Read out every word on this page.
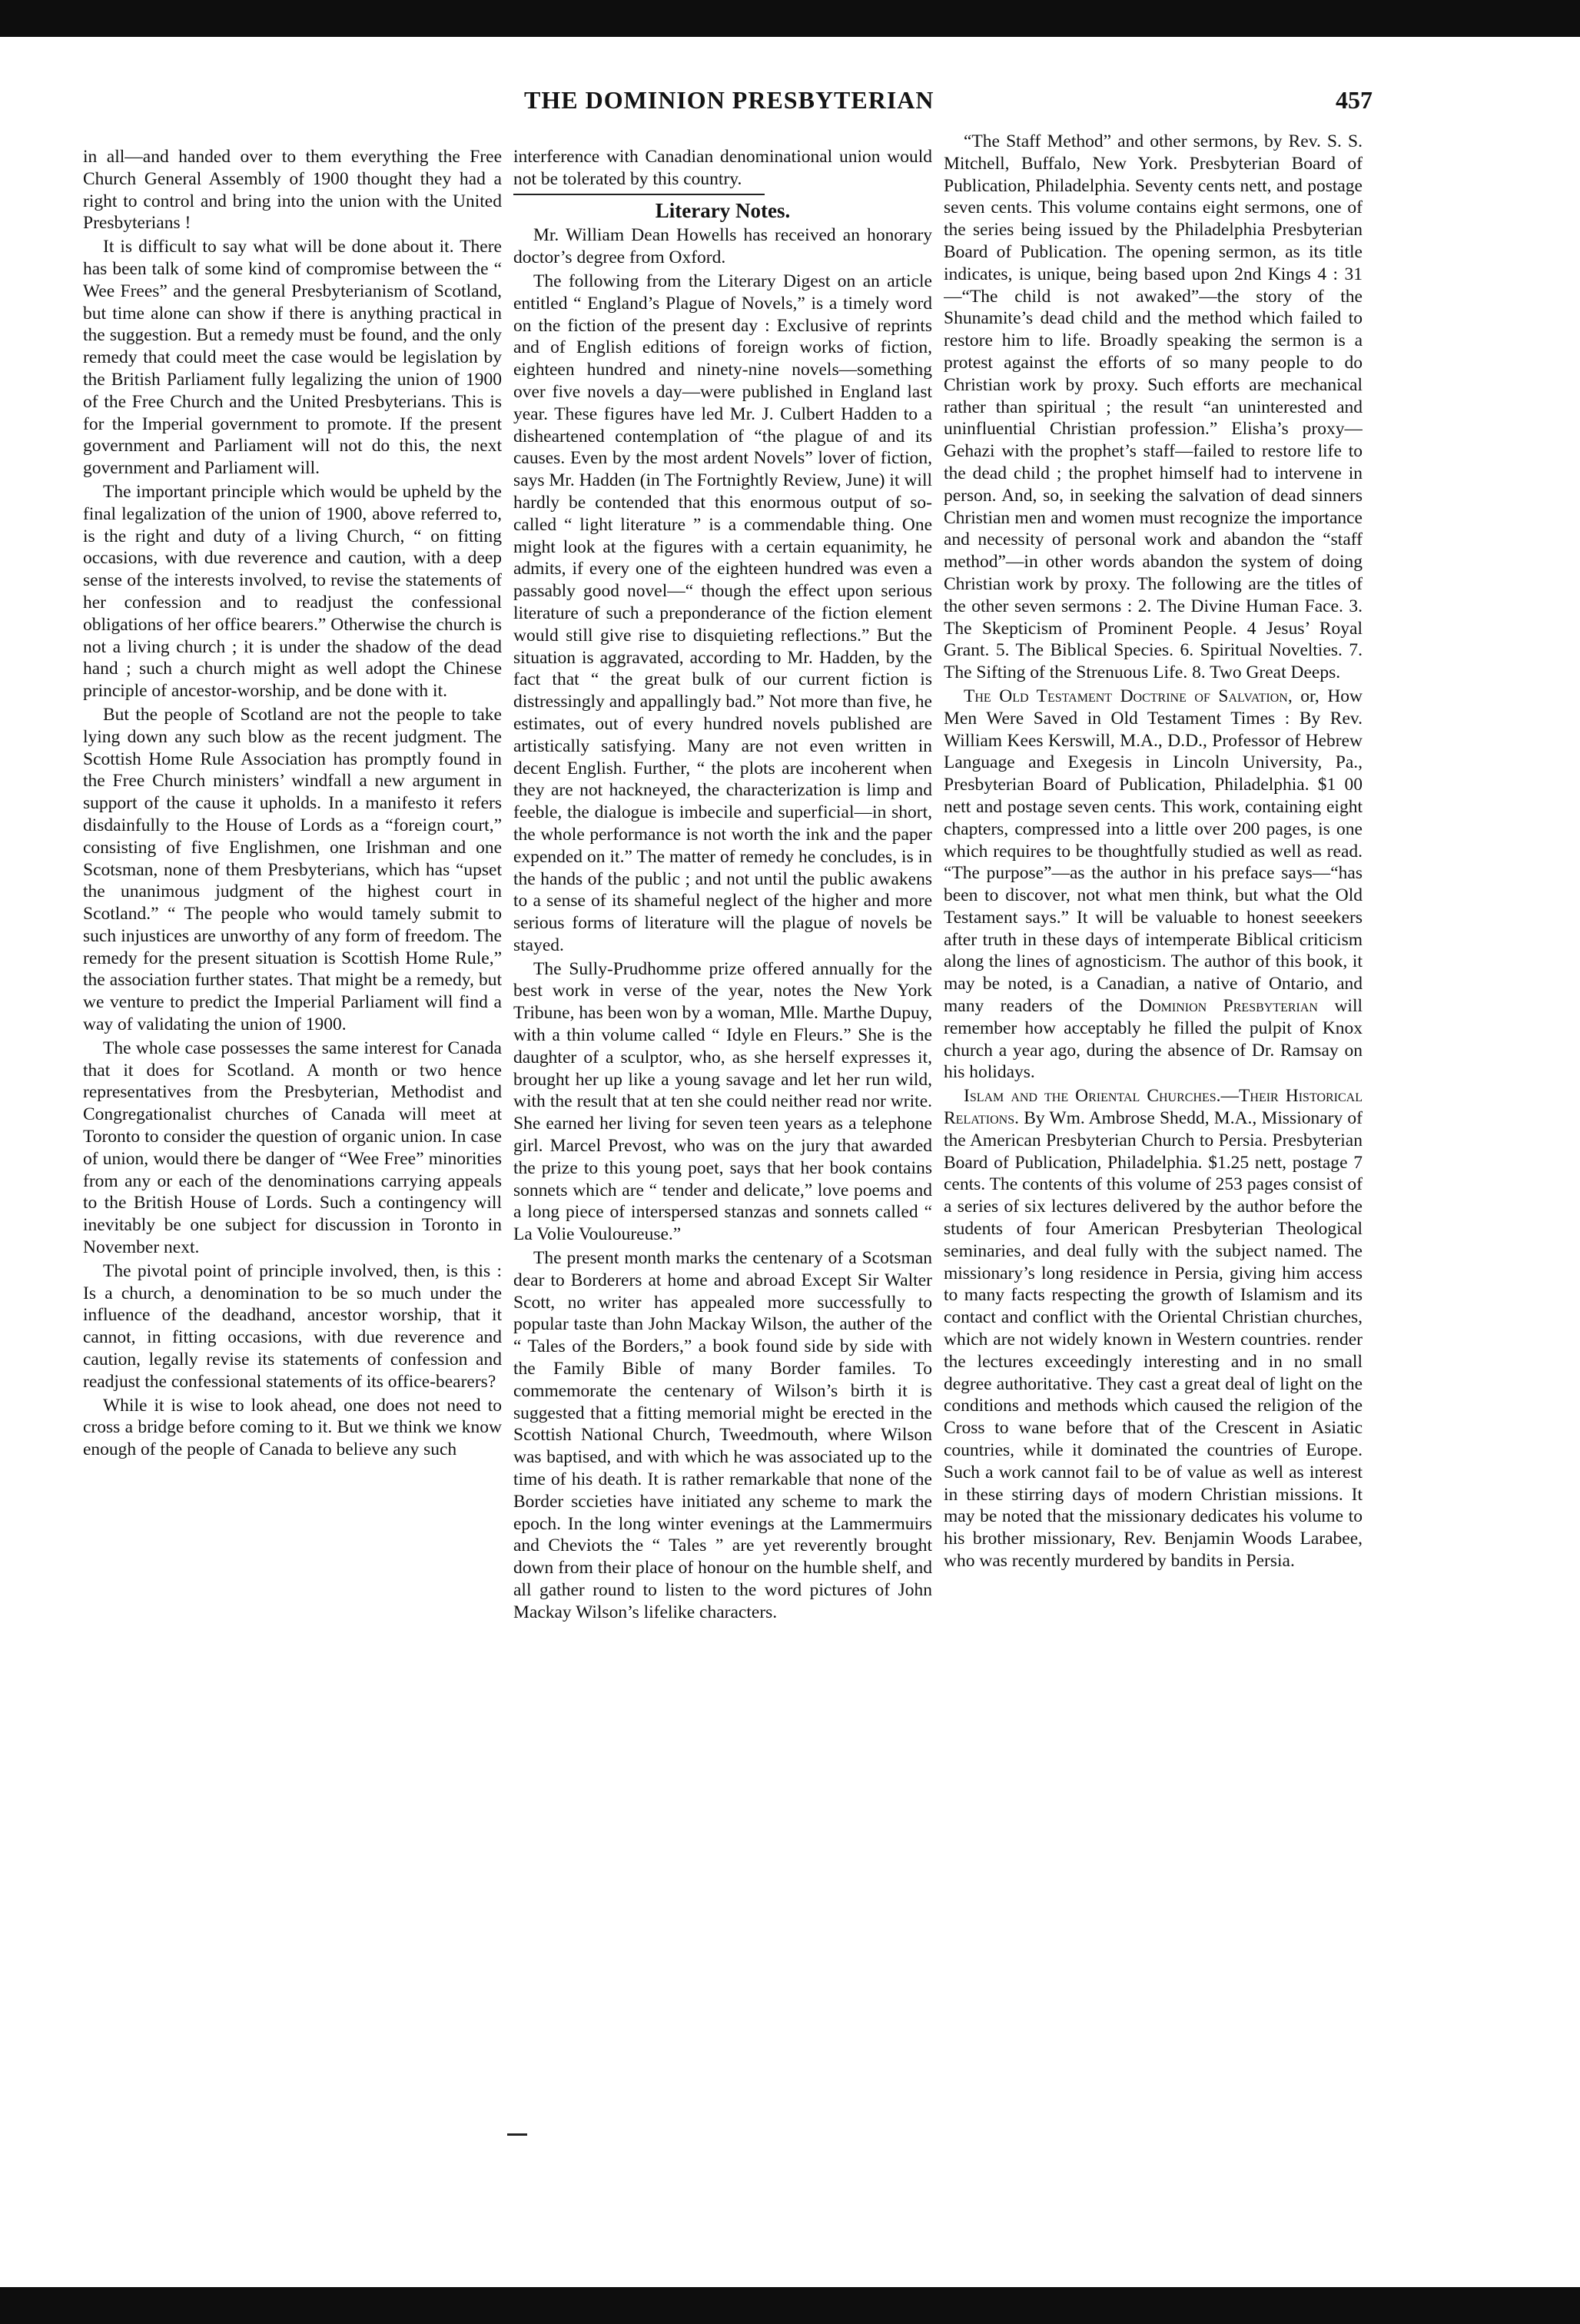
THE DOMINION PRESBYTERIAN	457

in all—and handed over to them everything the Free Church General Assembly of 1900 thought they had a right to control and bring into the union with the United Presbyterians !

It is difficult to say what will be done about it. There has been talk of some kind of compromise between the “ Wee Frees” and the general Presbyterianism of Scotland, but time alone can show if there is anything practical in the suggestion. But a remedy must be found, and the only remedy that could meet the case would be legislation by the British Parliament fully legalizing the union of 1900 of the Free Church and the United Presbyterians. This is for the Imperial government to promote. If the present government and Parliament will not do this, the next government and Parliament will.

The important principle which would be upheld by the final legalization of the union of 1900, above referred to, is the right and duty of a living Church, “ on fitting occasions, with due reverence and caution, with a deep sense of the interests involved, to revise the statements of her confession and to readjust the confessional obligations of her office bearers.” Otherwise the church is not a living church ; it is under the shadow of the dead hand ; such a church might as well adopt the Chinese principle of ancestor-worship, and be done with it.

But the people of Scotland are not the people to take lying down any such blow as the recent judgment. The Scottish Home Rule Association has promptly found in the Free Church ministers’ windfall a new argument in support of the cause it upholds. In a manifesto it refers disdainfully to the House of Lords as a “foreign court,” consisting of five Englishmen, one Irishman and one Scotsman, none of them Presbyterians, which has “upset the unanimous judgment of the highest court in Scotland.” “ The people who would tamely submit to such injustices are unworthy of any form of freedom. The remedy for the present situation is Scottish Home Rule,” the association further states. That might be a remedy, but we venture to predict the Imperial Parliament will find a way of validating the union of 1900.

The whole case possesses the same interest for Canada that it does for Scotland. A month or two hence representatives from the Presbyterian, Methodist and Congregationalist churches of Canada will meet at Toronto to consider the question of organic union. In case of union, would there be danger of “Wee Free” minorities from any or each of the denominations carrying appeals to the British House of Lords. Such a contingency will inevitably be one subject for discussion in Toronto in November next.

The pivotal point of principle involved, then, is this : Is a church, a denomination to be so much under the influence of the deadhand, ancestor worship, that it cannot, in fitting occasions, with due reverence and caution, legally revise its statements of confession and readjust the confessional statements of its office-bearers?

While it is wise to look ahead, one does not need to cross a bridge before coming to it. But we think we know enough of the people of Canada to believe any such

interference with Canadian denominational union would not be tolerated by this country.

Literary Notes.

Mr. William Dean Howells has received an honorary doctor’s degree from Oxford.

The following from the Literary Digest on an article entitled “ England’s Plague of Novels,” is a timely word on the fiction of the present day : Exclusive of reprints and of English editions of foreign works of fiction, eighteen hundred and ninety-nine novels—something over five novels a day—were published in England last year. These figures have led Mr. J. Culbert Hadden to a disheartened contemplation of “the plague of and its causes. Even by the most ardent Novels” lover of fiction, says Mr. Hadden (in The Fortnightly Review, June) it will hardly be contended that this enormous output of so-called “ light literature ” is a commendable thing. One might look at the figures with a certain equanimity, he admits, if every one of the eighteen hundred was even a passably good novel—“ though the effect upon serious literature of such a preponderance of the fiction element would still give rise to disquieting reflections.” But the situation is aggravated, according to Mr. Hadden, by the fact that “ the great bulk of our current fiction is distressingly and appallingly bad.” Not more than five, he estimates, out of every hundred novels published are artistically satisfying. Many are not even written in decent English. Further, “ the plots are incoherent when they are not hackneyed, the characterization is limp and feeble, the dialogue is imbecile and superficial—in short, the whole performance is not worth the ink and the paper expended on it.” The matter of remedy he concludes, is in the hands of the public ; and not until the public awakens to a sense of its shameful neglect of the higher and more serious forms of literature will the plague of novels be stayed.

The Sully-Prudhomme prize offered annually for the best work in verse of the year, notes the New York Tribune, has been won by a woman, Mlle. Marthe Dupuy, with a thin volume called “ Idyle en Fleurs.” She is the daughter of a sculptor, who, as she herself expresses it, brought her up like a young savage and let her run wild, with the result that at ten she could neither read nor write. She earned her living for seven teen years as a telephone girl. Marcel Prevost, who was on the jury that awarded the prize to this young poet, says that her book contains sonnets which are “ tender and delicate,” love poems and a long piece of interspersed stanzas and sonnets called “ La Volie Vouloureuse.”

The present month marks the centenary of a Scotsman dear to Borderers at home and abroad Except Sir Walter Scott, no writer has appealed more successfully to popular taste than John Mackay Wilson, the auther of the “ Tales of the Borders,” a book found side by side with the Family Bible of many Border familes. To commemorate the centenary of Wilson’s birth it is suggested that a fitting memorial might be erected in the Scottish National Church, Tweedmouth, where Wilson was baptised, and with which he was associated up to the time of his death. It is rather remarkable that none of the Border sccieties have initiated any scheme to mark the epoch. In the long winter evenings at the Lammermuirs and Cheviots the “ Tales ” are yet reverently brought down from their place of honour on the humble shelf, and all gather round to listen to the word pictures of John Mackay Wilson’s lifelike characters.

“The Staff Method” and other sermons, by Rev. S. S. Mitchell, Buffalo, New York. Presbyterian Board of Publication, Philadelphia. Seventy cents nett, and postage seven cents. This volume contains eight sermons, one of the series being issued by the Philadelphia Presbyterian Board of Publication. The opening sermon, as its title indicates, is unique, being based upon 2nd Kings 4 : 31—“The child is not awaked”—the story of the Shunamite’s dead child and the method which failed to restore him to life. Broadly speaking the sermon is a protest against the efforts of so many people to do Christian work by proxy. Such efforts are mechanical rather than spiritual ; the result “an uninterested and uninfluential Christian profession.” Elisha’s proxy—Gehazi with the prophet’s staff—failed to restore life to the dead child ; the prophet himself had to intervene in person. And, so, in seeking the salvation of dead sinners Christian men and women must recognize the importance and necessity of personal work and abandon the “staff method”—in other words abandon the system of doing Christian work by proxy. The following are the titles of the other seven sermons : 2. The Divine Human Face. 3. The Skepticism of Prominent People. 4 Jesus’ Royal Grant. 5. The Biblical Species. 6. Spiritual Novelties. 7. The Sifting of the Strenuous Life. 8. Two Great Deeps.

The Old Testament Doctrine of Salvation, or, How Men Were Saved in Old Testament Times : By Rev. William Kees Kerswill, M.A., D.D., Professor of Hebrew Language and Exegesis in Lincoln University, Pa., Presbyterian Board of Publication, Philadelphia. $1 00 nett and postage seven cents. This work, containing eight chapters, compressed into a little over 200 pages, is one which requires to be thoughtfully studied as well as read. “The purpose”—as the author in his preface says—“has been to discover, not what men think, but what the Old Testament says.” It will be valuable to honest seeekers after truth in these days of intemperate Biblical criticism along the lines of agnosticism. The author of this book, it may be noted, is a Canadian, a native of Ontario, and many readers of the Dominion Presbyterian will remember how acceptably he filled the pulpit of Knox church a year ago, during the absence of Dr. Ramsay on his holidays.

Islam and the Oriental Churches.—Their Historical Relations. By Wm. Ambrose Shedd, M.A., Missionary of the American Presbyterian Church to Persia. Presbyterian Board of Publication, Philadelphia. $1.25 nett, postage 7 cents. The contents of this volume of 253 pages consist of a series of six lectures delivered by the author before the students of four American Presbyterian Theological seminaries, and deal fully with the subject named. The missionary’s long residence in Persia, giving him access to many facts respecting the growth of Islamism and its contact and conflict with the Oriental Christian churches, which are not widely known in Western countries. render the lectures exceedingly interesting and in no small degree authoritative. They cast a great deal of light on the conditions and methods which caused the religion of the Cross to wane before that of the Crescent in Asiatic countries, while it dominated the countries of Europe. Such a work cannot fail to be of value as well as interest in these stirring days of modern Christian missions. It may be noted that the missionary dedicates his volume to his brother missionary, Rev. Benjamin Woods Larabee, who was recently murdered by bandits in Persia.
